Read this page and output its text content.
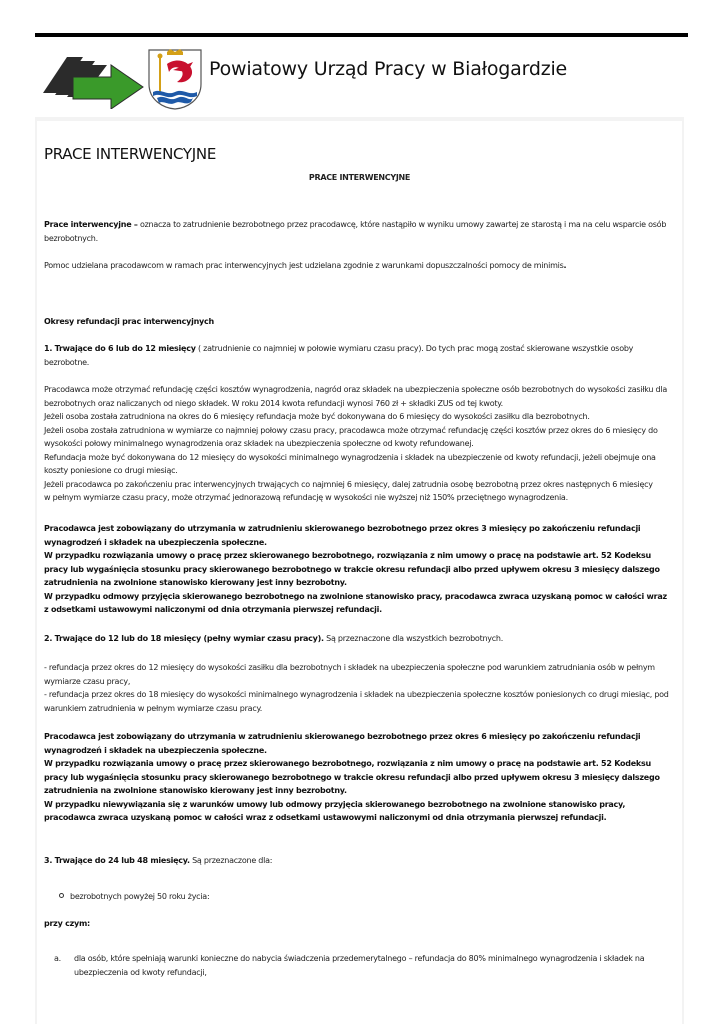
Powiatowy Urząd Pracy w Białogardzie
PRACE INTERWENCYJNE
PRACE INTERWENCYJNE
Prace interwencyjne – oznacza to zatrudnienie bezrobotnego przez pracodawcę, które nastąpiło w wyniku umowy zawartej ze starostą i ma na celu wsparcie osób
bezrobotnych.
Pomoc udzielana pracodawcom w ramach prac interwencyjnych jest udzielana zgodnie z warunkami dopuszczalności pomocy de minimis.
Okresy refundacji prac interwencyjnych
1. Trwające do 6 lub do 12 miesięcy ( zatrudnienie co najmniej w połowie wymiaru czasu pracy). Do tych prac mogą zostać skierowane wszystkie osoby
bezrobotne.
Pracodawca może otrzymać refundację części kosztów wynagrodzenia, nagród oraz składek na ubezpieczenia społeczne osób bezrobotnych do wysokości zasiłku dla
bezrobotnych oraz naliczanych od niego składek. W roku 2014 kwota refundacji wynosi 760 zł + składki ZUS od tej kwoty.
Jeżeli osoba została zatrudniona na okres do 6 miesięcy refundacja może być dokonywana do 6 miesięcy do wysokości zasiłku dla bezrobotnych.
Jeżeli osoba została zatrudniona w wymiarze co najmniej połowy czasu pracy, pracodawca może otrzymać refundację części kosztów przez okres do 6 miesięcy do
wysokości połowy minimalnego wynagrodzenia oraz składek na ubezpieczenia społeczne od kwoty refundowanej.
Refundacja może być dokonywana do 12 miesięcy do wysokości minimalnego wynagrodzenia i składek na ubezpieczenie od kwoty refundacji, jeżeli obejmuje ona
koszty poniesione co drugi miesiąc.
Jeżeli pracodawca po zakończeniu prac interwencyjnych trwających co najmniej 6 miesięcy, dalej zatrudnia osobę bezrobotną przez okres następnych 6 miesięcy
w pełnym wymiarze czasu pracy, może otrzymać jednorazową refundację w wysokości nie wyższej niż 150% przeciętnego wynagrodzenia.
Pracodawca jest zobowiązany do utrzymania w zatrudnieniu skierowanego bezrobotnego przez okres 3 miesięcy po zakończeniu refundacji
wynagrodzeń i składek na ubezpieczenia społeczne.
W przypadku rozwiązania umowy o pracę przez skierowanego bezrobotnego, rozwiązania z nim umowy o pracę na podstawie art. 52 Kodeksu
pracy lub wygaśnięcia stosunku pracy skierowanego bezrobotnego w trakcie okresu refundacji albo przed upływem okresu 3 miesięcy dalszego
zatrudnienia na zwolnione stanowisko kierowany jest inny bezrobotny.
W przypadku odmowy przyjęcia skierowanego bezrobotnego na zwolnione stanowisko pracy, pracodawca zwraca uzyskaną pomoc w całości wraz
z odsetkami ustawowymi naliczonymi od dnia otrzymania pierwszej refundacji.
2. Trwające do 12 lub do 18 miesięcy (pełny wymiar czasu pracy). Są przeznaczone dla wszystkich bezrobotnych.
- refundacja przez okres do 12 miesięcy do wysokości zasiłku dla bezrobotnych i składek na ubezpieczenia społeczne pod warunkiem zatrudniania osób w pełnym
wymiarze czasu pracy,
- refundacja przez okres do 18 miesięcy do wysokości minimalnego wynagrodzenia i składek na ubezpieczenia społeczne kosztów poniesionych co drugi miesiąc, pod
warunkiem zatrudnienia w pełnym wymiarze czasu pracy.
Pracodawca jest zobowiązany do utrzymania w zatrudnieniu skierowanego bezrobotnego przez okres 6 miesięcy po zakończeniu refundacji
wynagrodzeń i składek na ubezpieczenia społeczne.
W przypadku rozwiązania umowy o pracę przez skierowanego bezrobotnego, rozwiązania z nim umowy o pracę na podstawie art. 52 Kodeksu
pracy lub wygaśnięcia stosunku pracy skierowanego bezrobotnego w trakcie okresu refundacji albo przed upływem okresu 3 miesięcy dalszego
zatrudnienia na zwolnione stanowisko kierowany jest inny bezrobotny.
W przypadku niewywiązania się z warunków umowy lub odmowy przyjęcia skierowanego bezrobotnego na zwolnione stanowisko pracy,
pracodawca zwraca uzyskaną pomoc w całości wraz z odsetkami ustawowymi naliczonymi od dnia otrzymania pierwszej refundacji.
3. Trwające do 24 lub 48 miesięcy. Są przeznaczone dla:
bezrobotnych powyżej 50 roku życia:
przy czym:
a. dla osób, które spełniają warunki konieczne do nabycia świadczenia przedemerytalnego – refundacja do 80% minimalnego wynagrodzenia i składek na
ubezpieczenia od kwoty refundacji,
